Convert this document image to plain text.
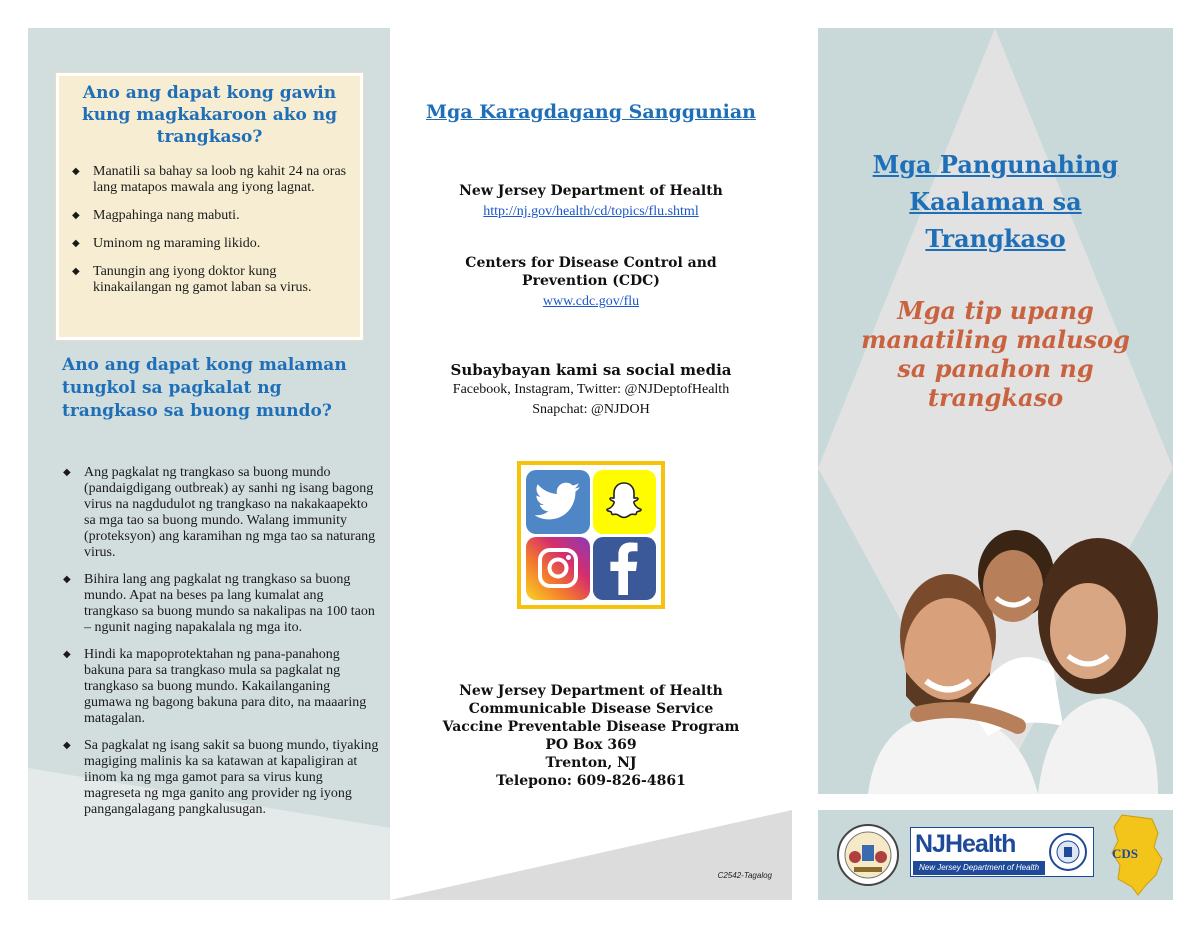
Ano ang dapat kong gawin kung magkakaroon ako ng trangkaso?
◆ Manatili sa bahay sa loob ng kahit 24 na oras lang matapos mawala ang iyong lagnat.
◆ Magpahinga nang mabuti.
◆ Uminom ng maraming likido.
◆ Tanungin ang iyong doktor kung kinakailangan ng gamot laban sa virus.
Ano ang dapat kong malaman tungkol sa pagkalat ng trangkaso sa buong mundo?
◆ Ang pagkalat ng trangkaso sa buong mundo (pandaigdigang outbreak) ay sanhi ng isang bagong virus na nagdudulot ng trangkaso na nakakaapekto sa mga tao sa buong mundo. Walang immunity (proteksyon) ang karamihan ng mga tao sa naturang virus.
◆ Bihira lang ang pagkalat ng trangkaso sa buong mundo. Apat na beses pa lang kumalat ang trangkaso sa buong mundo sa nakalipas na 100 taon – ngunit naging napakalala ng mga ito.
◆ Hindi ka mapoprotektahan ng pana-panahong bakuna para sa trangkaso mula sa pagkalat ng trangkaso sa buong mundo. Kakailanganing gumawa ng bagong bakuna para dito, na maaaring matagalan.
◆ Sa pagkalat ng isang sakit sa buong mundo, tiyaking magiging malinis ka sa katawan at kapaligiran at iinom ka ng mga gamot para sa virus kung magreseta ng mga ganito ang provider ng iyong pangangalagang pangkalusugan.
Mga Karagdagang Sanggunian
New Jersey Department of Health
http://nj.gov/health/cd/topics/flu.shtml
Centers for Disease Control and Prevention (CDC)
www.cdc.gov/flu
Subaybayan kami sa social media
Facebook, Instagram, Twitter: @NJDeptofHealth
Snapchat: @NJDOH
New Jersey Department of Health
Communicable Disease Service
Vaccine Preventable Disease Program
PO Box 369
Trenton, NJ
Telepono: 609-826-4861
C2542-Tagalog
Mga Pangunahing
Kaalaman sa
Trangkaso
Mga tip upang manatiling malusog sa panahon ng trangkaso
NJHealth
New Jersey Department of Health
CDS
